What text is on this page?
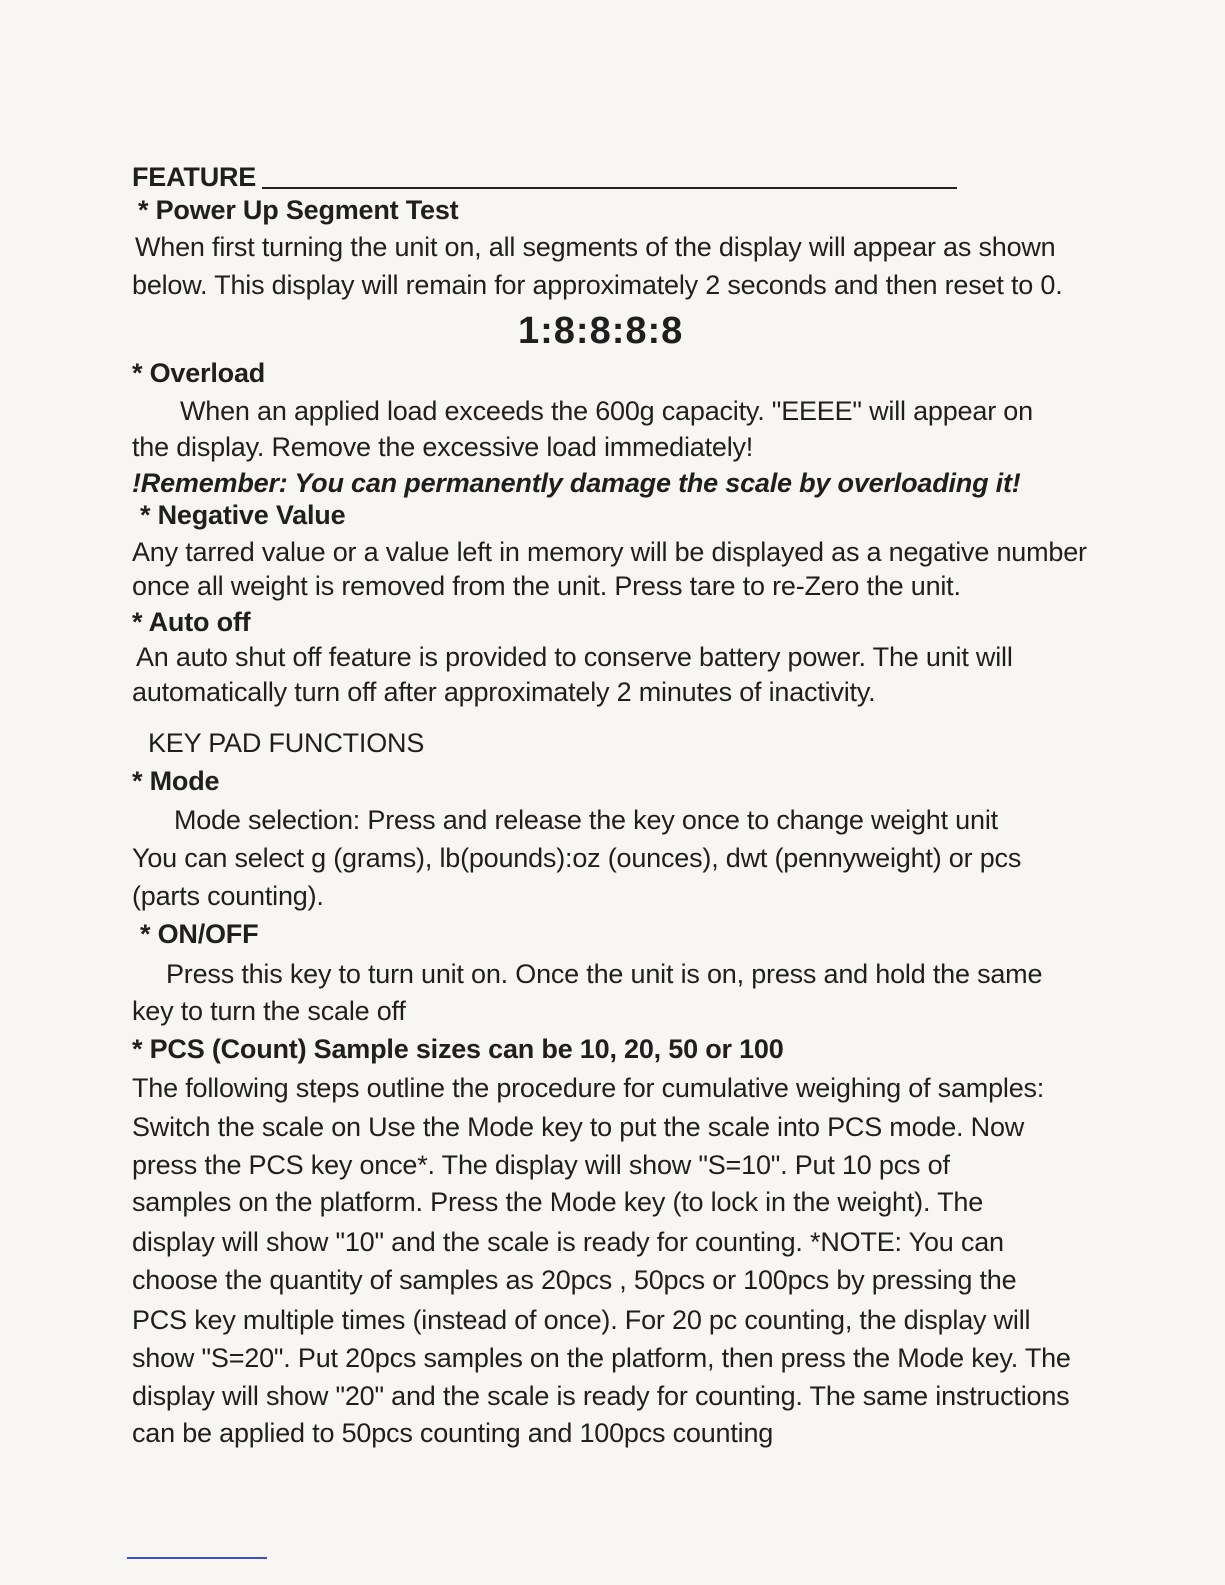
FEATURE
* Power Up Segment Test
When first turning the unit on, all segments of the display will appear as shown
below. This display will remain for approximately 2 seconds and then reset to 0.
1:8:8:8:8
* Overload
When an applied load exceeds the 600g capacity. "EEEE" will appear on
the display. Remove the excessive load immediately!
!Remember: You can permanently damage the scale by overloading it!
* Negative Value
Any tarred value or a value left in memory will be displayed as a negative number
once all weight is removed from the unit. Press tare to re-Zero the unit.
* Auto off
An auto shut off feature is provided to conserve battery power. The unit will
automatically turn off after approximately 2 minutes of inactivity.
KEY PAD FUNCTIONS
* Mode
Mode selection: Press and release the key once to change weight unit
You can select g (grams), lb(pounds):oz (ounces), dwt (pennyweight) or pcs
(parts counting).
* ON/OFF
Press this key to turn unit on. Once the unit is on, press and hold the same
key to turn the scale off
* PCS (Count) Sample sizes can be 10, 20, 50 or 100
The following steps outline the procedure for cumulative weighing of samples:
Switch the scale on Use the Mode key to put the scale into PCS mode. Now
press the PCS key once*. The display will show "S=10". Put 10 pcs of
samples on the platform. Press the Mode key (to lock in the weight). The
display will show "10" and the scale is ready for counting. *NOTE: You can
choose the quantity of samples as 20pcs , 50pcs or 100pcs by pressing the
PCS key multiple times (instead of once). For 20 pc counting, the display will
show "S=20". Put 20pcs samples on the platform, then press the Mode key. The
display will show "20" and the scale is ready for counting. The same instructions
can be applied to 50pcs counting and 100pcs counting
